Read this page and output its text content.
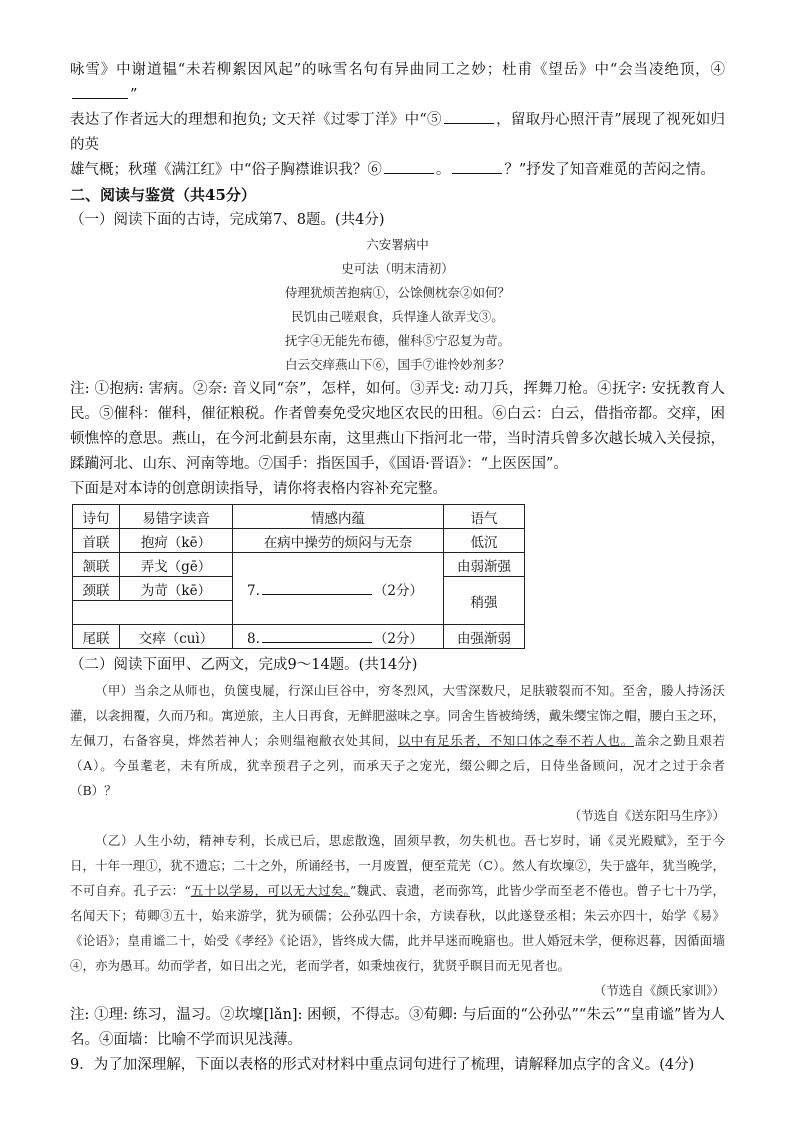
咏雪》中谢道韫“未若柳絮因风起”的咏雪名句有异曲同工之妙；杜甫《望岳》中“会当凌绝顶，④”

表达了作者远大的理想和抱负; 文天祥《过零丁洋》中“⑤	，留取丹心照汗青”展现了视死如归的英

雄气概；秋瑾《满江红》中“俗子胸襟谁识我？⑥	。	？”抒发了知音难觅的苦闷之情。

二、阅读与鉴赏（共45分）

（一）阅读下面的古诗，完成第7、8题。(共4分)

六安署病中

史可法（明末清初）

侍理犹烦苦抱病①，公馀侧枕奈②如何？

民饥由己嗟艰食，兵悍逢人欲弄戈③。

抚字④无能先布德，催科⑤宁忍复为苛。

白云交痒燕山下⑥，国手⑦谁怜妙剂多？

注: ①抱病: 害病。②奈: 音义同“奈”，怎样，如何。③弄戈: 动刀兵，挥舞刀枪。④抚字: 安抚教育人民。⑤催科：催科，催征粮税。作者曾奏免受灾地区农民的田租。⑥白云：白云，借指帝都。交痒，困顿憔悴的意思。燕山，在今河北蓟县东南，这里燕山下指河北一带，当时清兵曾多次越长城入关侵掠，蹂躏河北、山东、河南等地。⑦国手：指医国手，《国语·晋语》：“上医医国”。

下面是对本诗的创意朗读指导，请你将表格内容补充完整。

诗句	易错字读音	情感内蕴	语气
首联	抱疴（kē）	在病中操劳的烦闷与无奈	低沉
颔联	弄戈（gē）	7. （2分）	由弱渐强
颈联	为苛（kē）		稍强

尾联	交瘁（cuì）	8. （2分）	由强渐弱

（二）阅读下面甲、乙两文，完成9～14题。(共14分)

（甲）当余之从师也，负箧曳屣，行深山巨谷中，穷冬烈风，大雪深数尺，足肤皲裂而不知。至舍，媵人持汤沃灌，以衾拥覆，久而乃和。寓逆旅，主人日再食，无鲜肥滋味之享。同舍生皆被绮绣，戴朱缨宝饰之帽，腰白玉之环，左佩刀，右备容臭，烨然若神人；余则缊袍敝衣处其间，以中有足乐者，不知口体之奉不若人也。盖余之勤且艰若（A）。今虽耄老，未有所成，犹幸预君子之列，而承天子之宠光，缀公卿之后，日侍坐备顾问，况才之过于余者（B）？

（节选自《送东阳马生序》）

（乙）人生小幼，精神专利，长成已后，思虑散逸，固须早教，勿失机也。吾七岁时，诵《灵光殿赋》，至于今日，十年一理①，犹不遗忘；二十之外，所诵经书，一月废置，便至荒芜（C）。然人有坎壈②，失于盛年，犹当晚学，不可自弃。孔子云：“五十以学易，可以无大过矣。”魏武、袁遗，老而弥笃，此皆少学而至老不倦也。曾子七十乃学，名闻天下；荀卿③五十，始来游学，犹为硕儒；公孙弘四十余，方读春秋，以此遂登丞相；朱云亦四十，始学《易》《论语》；皇甫谧二十，始受《孝经》《论语》，皆终成大儒，此并早迷而晚寤也。世人婚冠未学，便称迟暮，因循面墙④，亦为愚耳。幼而学者，如日出之光，老而学者，如秉烛夜行，犹贤乎瞑目而无见者也。

（节选自《颜氏家训》）

注: ①理: 练习，温习。②坎壈[lǎn]: 困顿，不得志。③荀卿: 与后面的“公孙弘”“朱云”“皇甫谧”皆为人名。④面墙：比喻不学而识见浅薄。

9．为了加深理解，下面以表格的形式对材料中重点词句进行了梳理，请解释加点字的含义。(4分)
